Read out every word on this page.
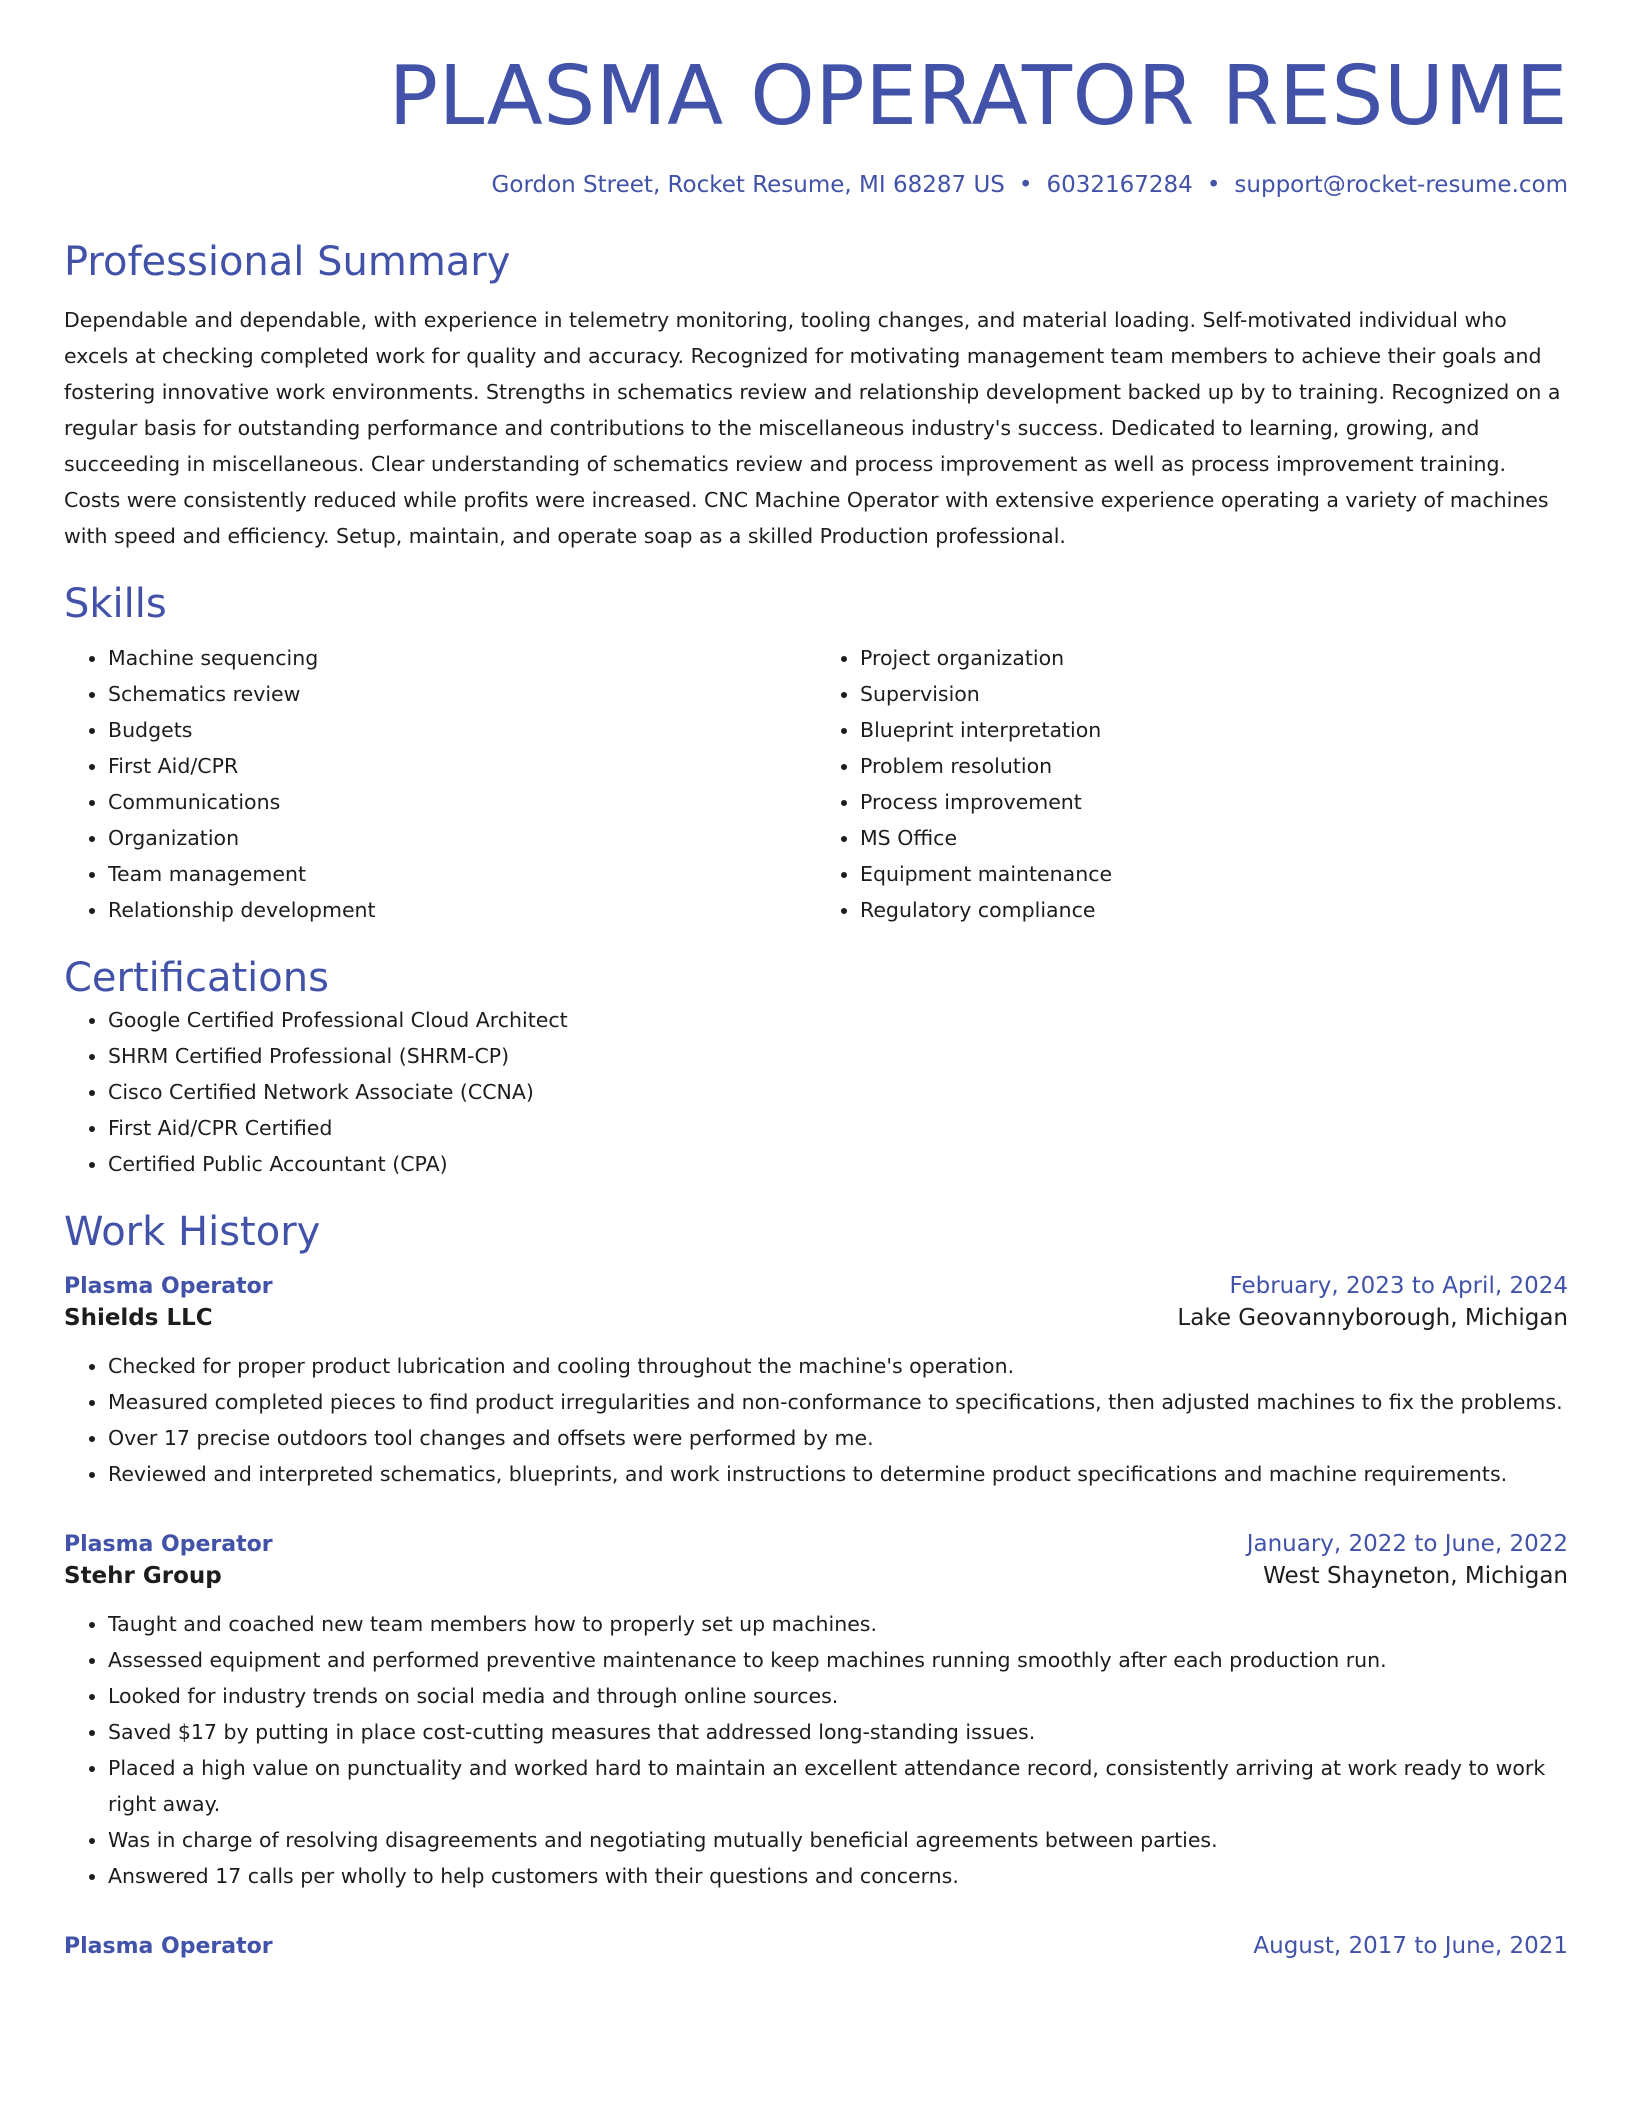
PLASMA OPERATOR RESUME
Gordon Street, Rocket Resume, MI 68287 US • 6032167284 • support@rocket-resume.com
Professional Summary

Dependable and dependable, with experience in telemetry monitoring, tooling changes, and material loading. Self-motivated individual who excels at checking completed work for quality and accuracy. Recognized for motivating management team members to achieve their goals and fostering innovative work environments. Strengths in schematics review and relationship development backed up by to training. Recognized on a regular basis for outstanding performance and contributions to the miscellaneous industry's success. Dedicated to learning, growing, and succeeding in miscellaneous. Clear understanding of schematics review and process improvement as well as process improvement training. Costs were consistently reduced while profits were increased. CNC Machine Operator with extensive experience operating a variety of machines with speed and efficiency. Setup, maintain, and operate soap as a skilled Production professional.

Skills
• Machine sequencing
• Schematics review
• Budgets
• First Aid/CPR
• Communications
• Organization
• Team management
• Relationship development
• Project organization
• Supervision
• Blueprint interpretation
• Problem resolution
• Process improvement
• MS Office
• Equipment maintenance
• Regulatory compliance
Certifications
• Google Certified Professional Cloud Architect
• SHRM Certified Professional (SHRM-CP)
• Cisco Certified Network Associate (CCNA)
• First Aid/CPR Certified
• Certified Public Accountant (CPA)
Work History
Plasma Operator	February, 2023 to April, 2024
Shields LLC	Lake Geovannyborough, Michigan
• Checked for proper product lubrication and cooling throughout the machine's operation.
• Measured completed pieces to find product irregularities and non-conformance to specifications, then adjusted machines to fix the problems.
• Over 17 precise outdoors tool changes and offsets were performed by me.
• Reviewed and interpreted schematics, blueprints, and work instructions to determine product specifications and machine requirements.
Plasma Operator	January, 2022 to June, 2022
Stehr Group	West Shayneton, Michigan
• Taught and coached new team members how to properly set up machines.
• Assessed equipment and performed preventive maintenance to keep machines running smoothly after each production run.
• Looked for industry trends on social media and through online sources.
• Saved $17 by putting in place cost-cutting measures that addressed long-standing issues.
• Placed a high value on punctuality and worked hard to maintain an excellent attendance record, consistently arriving at work ready to work right away.
• Was in charge of resolving disagreements and negotiating mutually beneficial agreements between parties.
• Answered 17 calls per wholly to help customers with their questions and concerns.
Plasma Operator	August, 2017 to June, 2021
